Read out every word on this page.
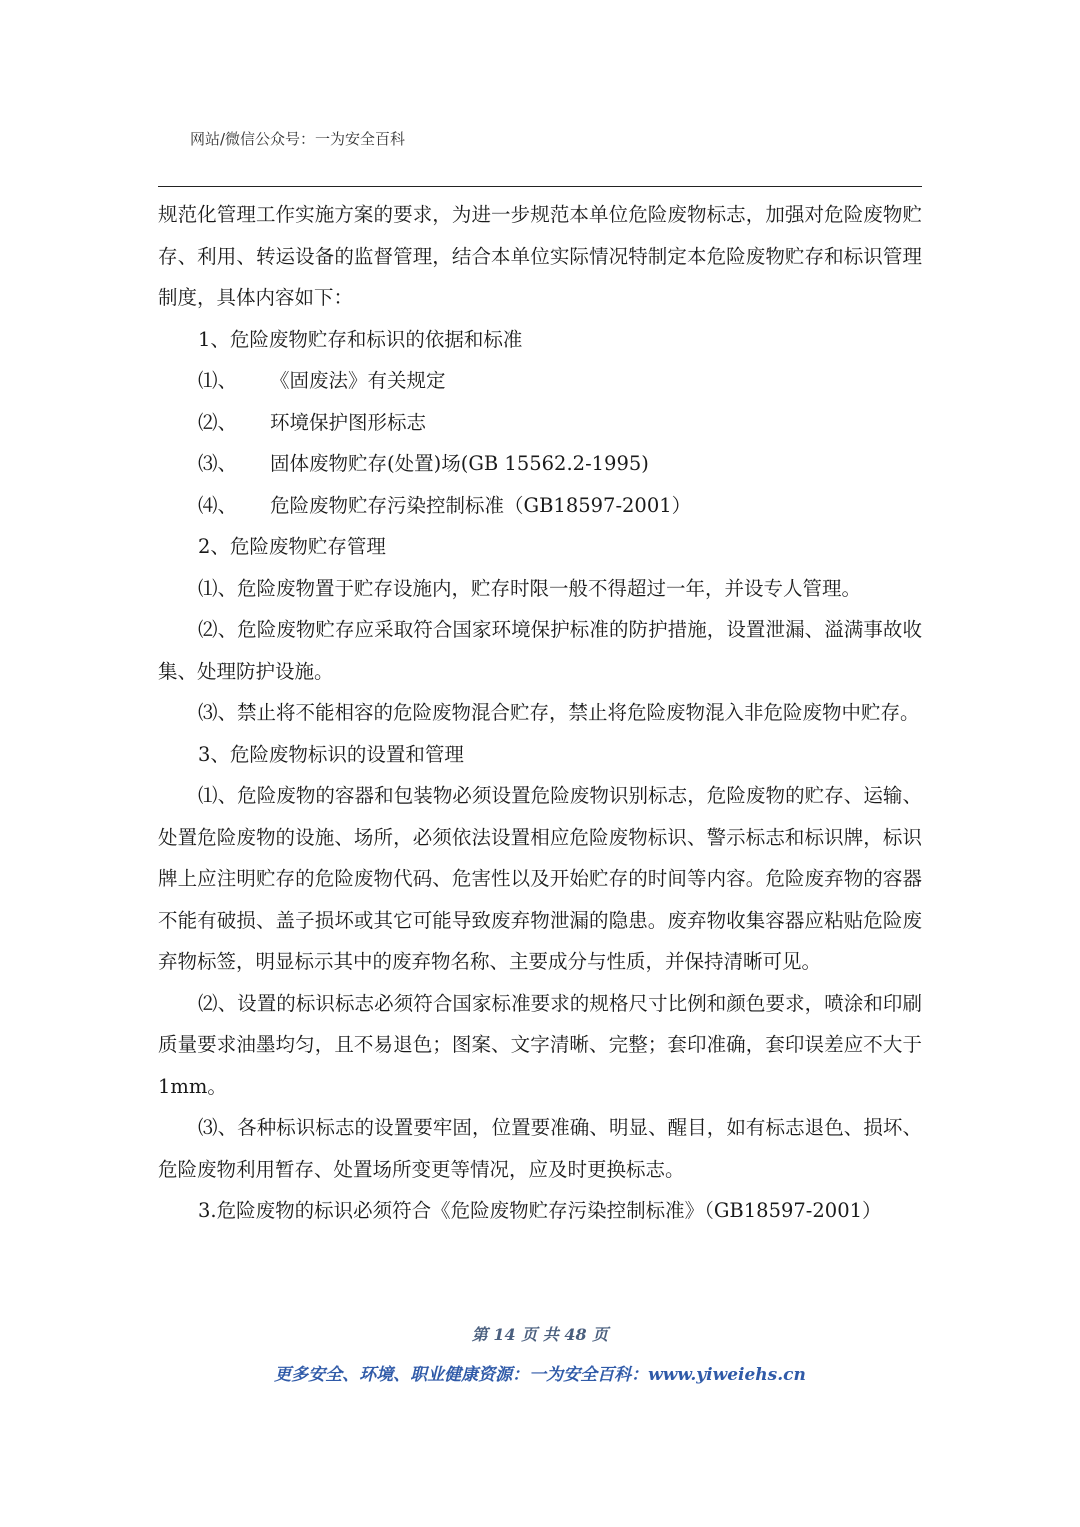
网站/微信公众号：一为安全百科

规范化管理工作实施方案的要求，为进一步规范本单位危险废物标志，加强对危险废物贮存、利用、转运设备的监督管理，结合本单位实际情况特制定本危险废物贮存和标识管理制度，具体内容如下：

1、危险废物贮存和标识的依据和标准

⑴、	《固废法》有关规定
⑵、	环境保护图形标志
⑶、	固体废物贮存(处置)场(GB 15562.2-1995)
⑷、	危险废物贮存污染控制标准（GB18597-2001）

2、危险废物贮存管理

⑴、危险废物置于贮存设施内，贮存时限一般不得超过一年，并设专人管理。

⑵、危险废物贮存应采取符合国家环境保护标准的防护措施，设置泄漏、溢满事故收集、处理防护设施。

⑶、禁止将不能相容的危险废物混合贮存，禁止将危险废物混入非危险废物中贮存。

3、危险废物标识的设置和管理

⑴、危险废物的容器和包装物必须设置危险废物识别标志，危险废物的贮存、运输、处置危险废物的设施、场所，必须依法设置相应危险废物标识、警示标志和标识牌，标识牌上应注明贮存的危险废物代码、危害性以及开始贮存的时间等内容。危险废弃物的容器不能有破损、盖子损坏或其它可能导致废弃物泄漏的隐患。废弃物收集容器应粘贴危险废弃物标签，明显标示其中的废弃物名称、主要成分与性质，并保持清晰可见。

⑵、设置的标识标志必须符合国家标准要求的规格尺寸比例和颜色要求，喷涂和印刷质量要求油墨均匀，且不易退色；图案、文字清晰、完整；套印准确，套印误差应不大于 1mm。

⑶、各种标识标志的设置要牢固，位置要准确、明显、醒目，如有标志退色、损坏、危险废物利用暂存、处置场所变更等情况，应及时更换标志。

3.危险废物的标识必须符合《危险废物贮存污染控制标准》（GB18597-2001）

第 14 页 共 48 页
更多安全、环境、职业健康资源：一为安全百科：www.yiweiehs.cn
